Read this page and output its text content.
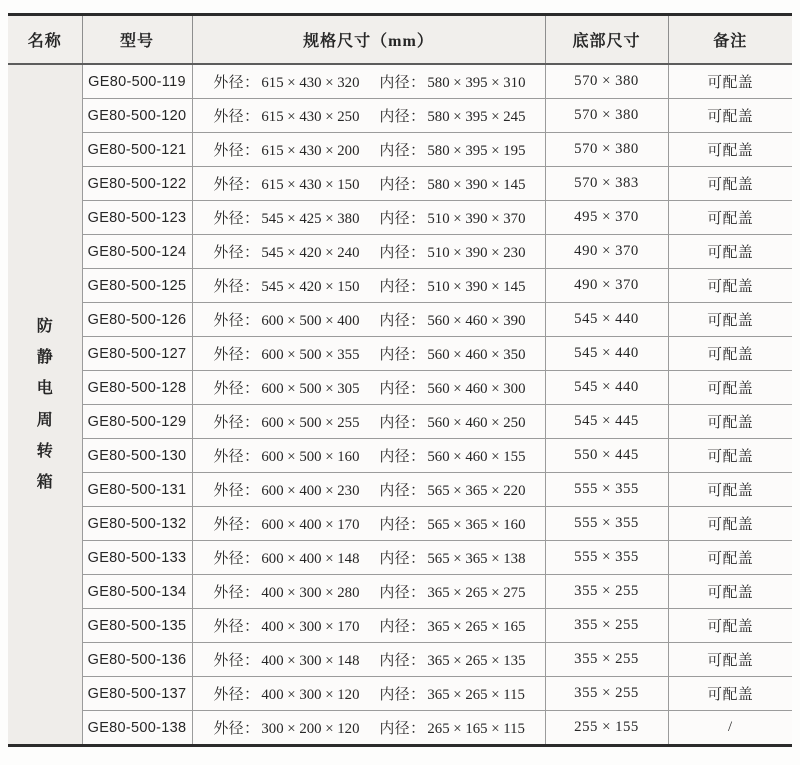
名称	型号	规格尺寸（mm）	底部尺寸	备注

防静电周转箱	GE80-500-119	外径： 615 × 430 × 320 内径： 580 × 395 × 310	570 × 380	可配盖
	GE80-500-120	外径： 615 × 430 × 250 内径： 580 × 395 × 245	570 × 380	可配盖
	GE80-500-121	外径： 615 × 430 × 200 内径： 580 × 395 × 195	570 × 380	可配盖
	GE80-500-122	外径： 615 × 430 × 150 内径： 580 × 390 × 145	570 × 383	可配盖
	GE80-500-123	外径： 545 × 425 × 380 内径： 510 × 390 × 370	495 × 370	可配盖
	GE80-500-124	外径： 545 × 420 × 240 内径： 510 × 390 × 230	490 × 370	可配盖
	GE80-500-125	外径： 545 × 420 × 150 内径： 510 × 390 × 145	490 × 370	可配盖
	GE80-500-126	外径： 600 × 500 × 400 内径： 560 × 460 × 390	545 × 440	可配盖
	GE80-500-127	外径： 600 × 500 × 355 内径： 560 × 460 × 350	545 × 440	可配盖
	GE80-500-128	外径： 600 × 500 × 305 内径： 560 × 460 × 300	545 × 440	可配盖
	GE80-500-129	外径： 600 × 500 × 255 内径： 560 × 460 × 250	545 × 445	可配盖
	GE80-500-130	外径： 600 × 500 × 160 内径： 560 × 460 × 155	550 × 445	可配盖
	GE80-500-131	外径： 600 × 400 × 230 内径： 565 × 365 × 220	555 × 355	可配盖
	GE80-500-132	外径： 600 × 400 × 170 内径： 565 × 365 × 160	555 × 355	可配盖
	GE80-500-133	外径： 600 × 400 × 148 内径： 565 × 365 × 138	555 × 355	可配盖
	GE80-500-134	外径： 400 × 300 × 280 内径： 365 × 265 × 275	355 × 255	可配盖
	GE80-500-135	外径： 400 × 300 × 170 内径： 365 × 265 × 165	355 × 255	可配盖
	GE80-500-136	外径： 400 × 300 × 148 内径： 365 × 265 × 135	355 × 255	可配盖
	GE80-500-137	外径： 400 × 300 × 120 内径： 365 × 265 × 115	355 × 255	可配盖
	GE80-500-138	外径： 300 × 200 × 120 内径： 265 × 165 × 115	255 × 155	/
